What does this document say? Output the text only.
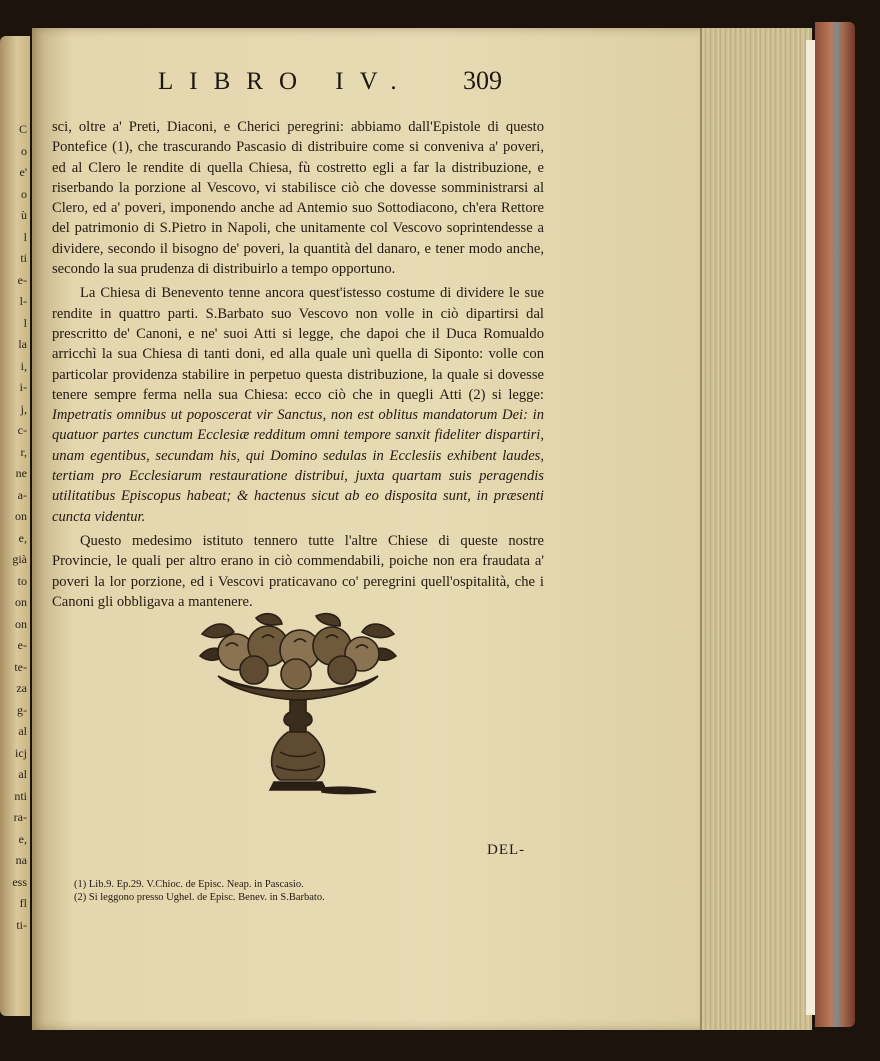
C
o
e'
o
ù
l
ti
e-
l-
l
la
i,
i-
j,
c-
r,
ne
a-
on
e,
già
to
on
on
e-
te-
za
g-
al
icj
al
nti
ra-
e,
na
ess
fl
ti-
LIBRO IV. 309

sci, oltre a' Preti, Diaconi, e Cherici peregrini: abbiamo dall'Epistole di questo Pontefice (1), che trascurando Pascasio di distribuire come si conveniva a' poveri, ed al Clero le rendite di quella Chiesa, fù costretto egli a far la distribuzione, e riserbando la porzione al Vescovo, vi stabilisce ciò che dovesse somministrarsi al Clero, ed a' poveri, imponendo anche ad Antemio suo Sottodiacono, ch'era Rettore del patrimonio di S.Pietro in Napoli, che unitamente col Vescovo soprintendesse a dividere, secondo il bisogno de' poveri, la quantità del danaro, e tener modo anche, secondo la sua prudenza di distribuirlo a tempo opportuno.

La Chiesa di Benevento tenne ancora quest'istesso costume di dividere le sue rendite in quattro parti. S.Barbato suo Vescovo non volle in ciò dipartirsi dal prescritto de' Canoni, e ne' suoi Atti si legge, che dapoi che il Duca Romualdo arricchì la sua Chiesa di tanti doni, ed alla quale unì quella di Siponto: volle con particolar providenza stabilire in perpetuo questa distribuzione, la quale si dovesse tenere sempre ferma nella sua Chiesa: ecco ciò che in quegli Atti (2) si legge: Impetratis omnibus ut poposcerat vir Sanctus, non est oblitus mandatorum Dei: in quatuor partes cunctum Ecclesiæ redditum omni tempore sanxit fideliter dispartiri, unam egentibus, secundam his, qui Domino sedulas in Ecclesiis exhibent laudes, tertiam pro Ecclesiarum restauratione distribui, juxta quartam suis peragendis utilitatibus Episcopus habeat; & hactenus sicut ab eo disposita sunt, in præsenti cuncta videntur.

Questo medesimo istituto tennero tutte l'altre Chiese di queste nostre Provincie, le quali per altro erano in ciò commendabili, poiche non era fraudata a' poveri la lor porzione, ed i Vescovi praticavano co' peregrini quell'ospitalità, che i Canoni gli obbligava a mantenere.

DEL-
(1) Lib.9. Ep.29. V.Chioc. de Episc. Neap. in Pascasio.
(2) Si leggono presso Ughel. de Episc. Benev. in S.Barbato.
